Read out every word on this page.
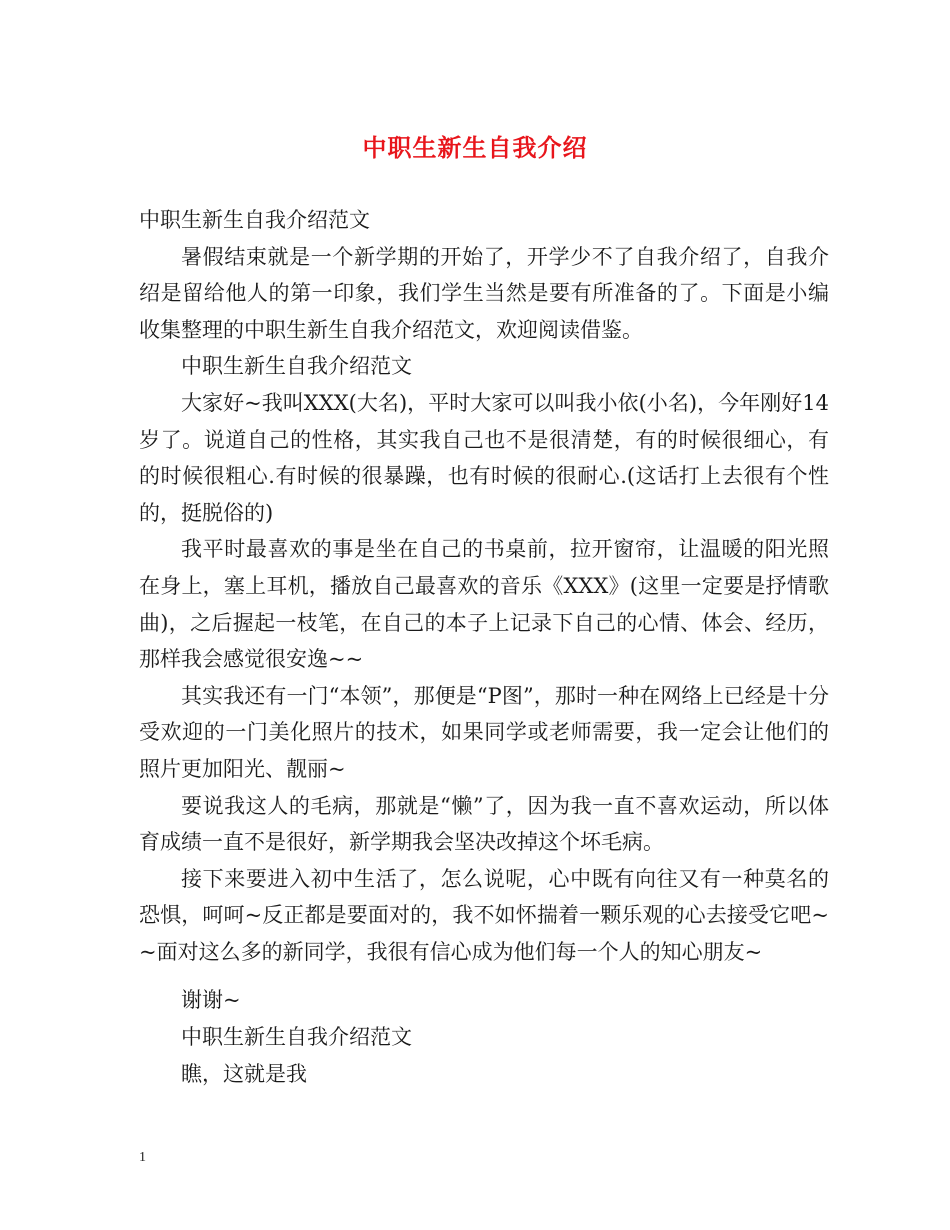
中职生新生自我介绍

中职生新生自我介绍范文

暑假结束就是一个新学期的开始了，开学少不了自我介绍了，自我介绍是留给他人的第一印象，我们学生当然是要有所准备的了。下面是小编收集整理的中职生新生自我介绍范文，欢迎阅读借鉴。

中职生新生自我介绍范文

大家好~我叫XXX(大名)，平时大家可以叫我小依(小名)，今年刚好14岁了。说道自己的性格，其实我自己也不是很清楚，有的时候很细心，有的时候很粗心.有时候的很暴躁，也有时候的很耐心.(这话打上去很有个性的，挺脱俗的)

我平时最喜欢的事是坐在自己的书桌前，拉开窗帘，让温暖的阳光照在身上，塞上耳机，播放自己最喜欢的音乐《XXX》(这里一定要是抒情歌曲)，之后握起一枝笔，在自己的本子上记录下自己的心情、体会、经历，那样我会感觉很安逸~~

其实我还有一门“本领”，那便是“P图”，那时一种在网络上已经是十分受欢迎的一门美化照片的技术，如果同学或老师需要，我一定会让他们的照片更加阳光、靓丽~

要说我这人的毛病，那就是“懒”了，因为我一直不喜欢运动，所以体育成绩一直不是很好，新学期我会坚决改掉这个坏毛病。

接下来要进入初中生活了，怎么说呢，心中既有向往又有一种莫名的恐惧，呵呵~反正都是要面对的，我不如怀揣着一颗乐观的心去接受它吧~~面对这么多的新同学，我很有信心成为他们每一个人的知心朋友~

谢谢~

中职生新生自我介绍范文

瞧，这就是我

1
